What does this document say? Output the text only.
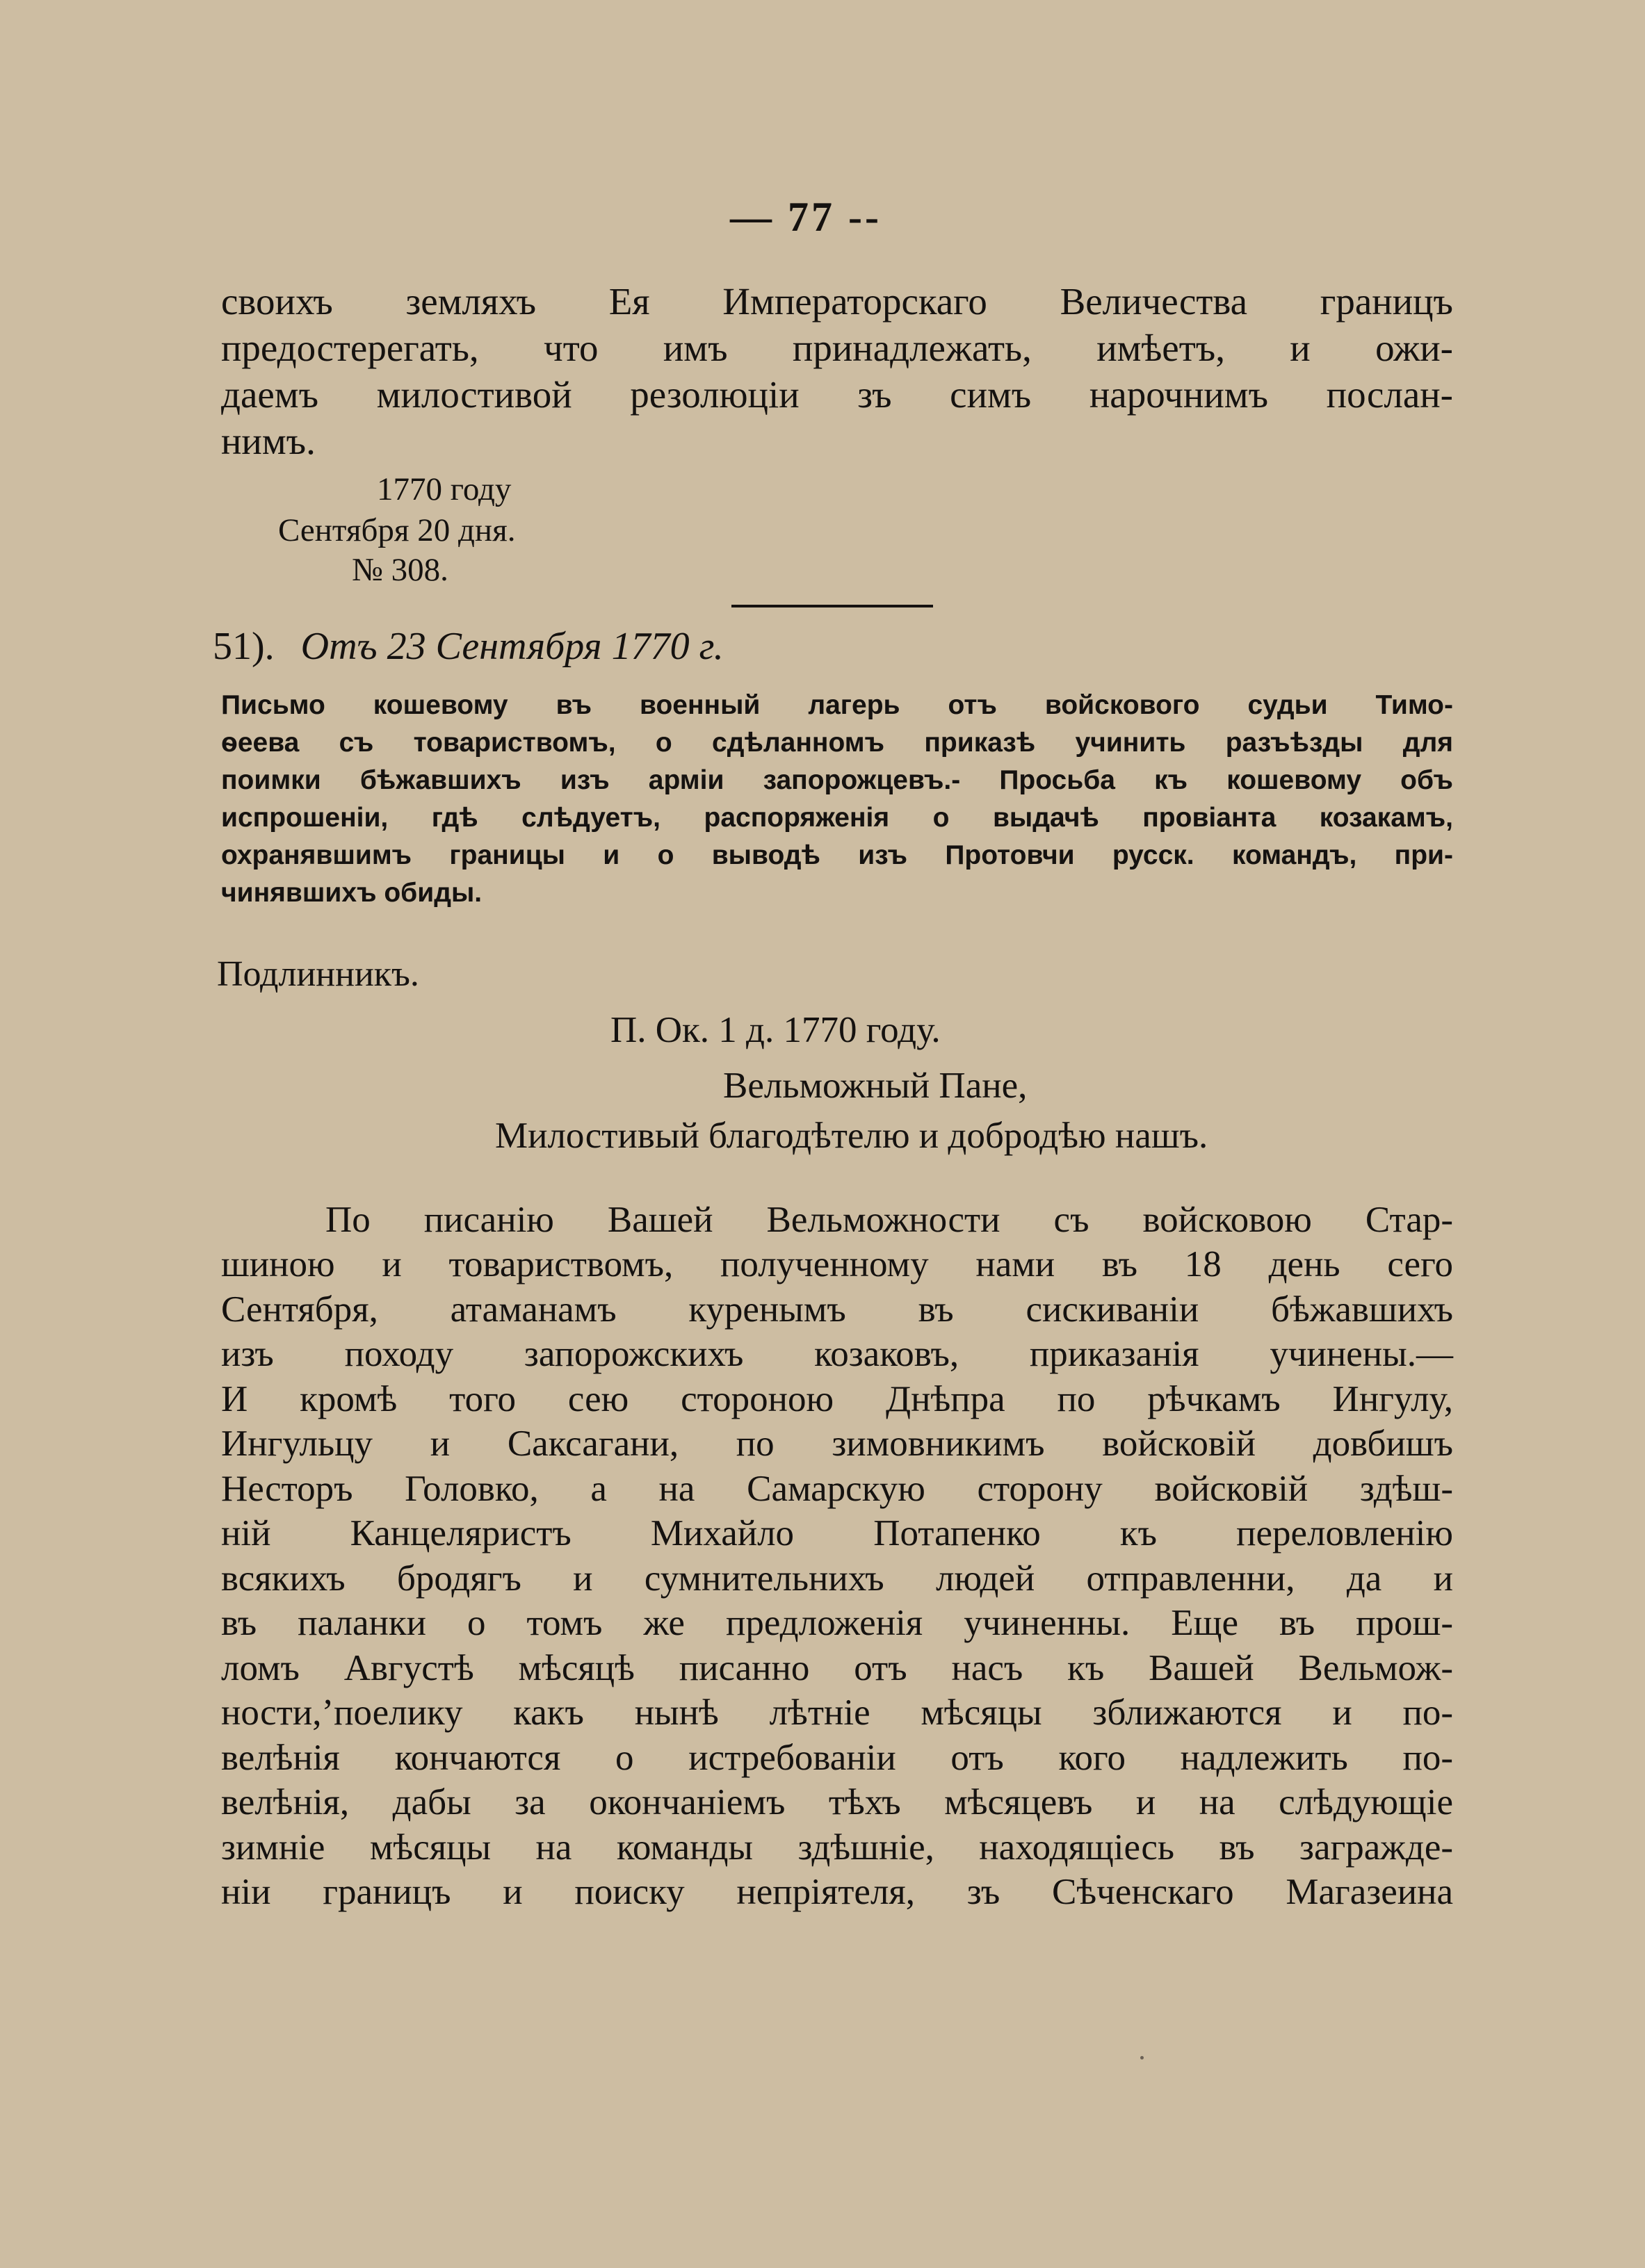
— 77 --
своихъ земляхъ Ея Императорскаго Величества границъ
предостерегать, что имъ принадлежать, имѣетъ, и ожи-
даемъ милостивой резолюціи зъ симъ нарочнимъ послан-
нимъ.
1770 году
Сентября 20 дня.
№ 308.
51). Отъ 23 Сентября 1770 г.
Письмо кошевому въ военный лагерь отъ войскового судьи Тимо-
ѳеева съ товариствомъ, о сдѣланномъ приказѣ учинить разъѣзды для
поимки бѣжавшихъ изъ арміи запорожцевъ.- Просьба къ кошевому объ
испрошеніи, гдѣ слѣдуетъ, распоряженія о выдачѣ провіанта козакамъ,
охранявшимъ границы и о выводѣ изъ Протовчи русск. командъ, при-
чинявшихъ обиды.
Подлинникъ.
П. Ок. 1 д. 1770 году.
Вельможный Пане,
Милостивый благодѣтелю и добродѣю нашъ.
По писанію Вашей Вельможности съ войсковою Стар-
шиною и товариствомъ, полученному нами въ 18 день сего
Сентября, атаманамъ куренымъ въ сискиваніи бѣжавшихъ
изъ походу запорожскихъ козаковъ, приказанія учинены.—
И кромѣ того сею стороною Днѣпра по рѣчкамъ Ингулу,
Ингульцу и Саксагани, по зимовникимъ войсковій довбишъ
Несторъ Головко, а на Самарскую сторону войсковій здѣш-
ній Канцеляристъ Михайло Потапенко къ переловленію
всякихъ бродягъ и сумнительнихъ людей отправленни, да и
въ паланки о томъ же предложенія учиненны. Еще въ прош-
ломъ Августѣ мѣсяцѣ писанно отъ насъ къ Вашей Вельмож-
ности,ʼпоелику какъ нынѣ лѣтніе мѣсяцы зближаются и по-
велѣнія кончаются о истребованіи отъ кого надлежить по-
велѣнія, дабы за окончаніемъ тѣхъ мѣсяцевъ и на слѣдующіе
зимніе мѣсяцы на команды здѣшніе, находящіесь въ загражде-
ніи границъ и поиску непріятеля, зъ Сѣченскаго Магазеина
